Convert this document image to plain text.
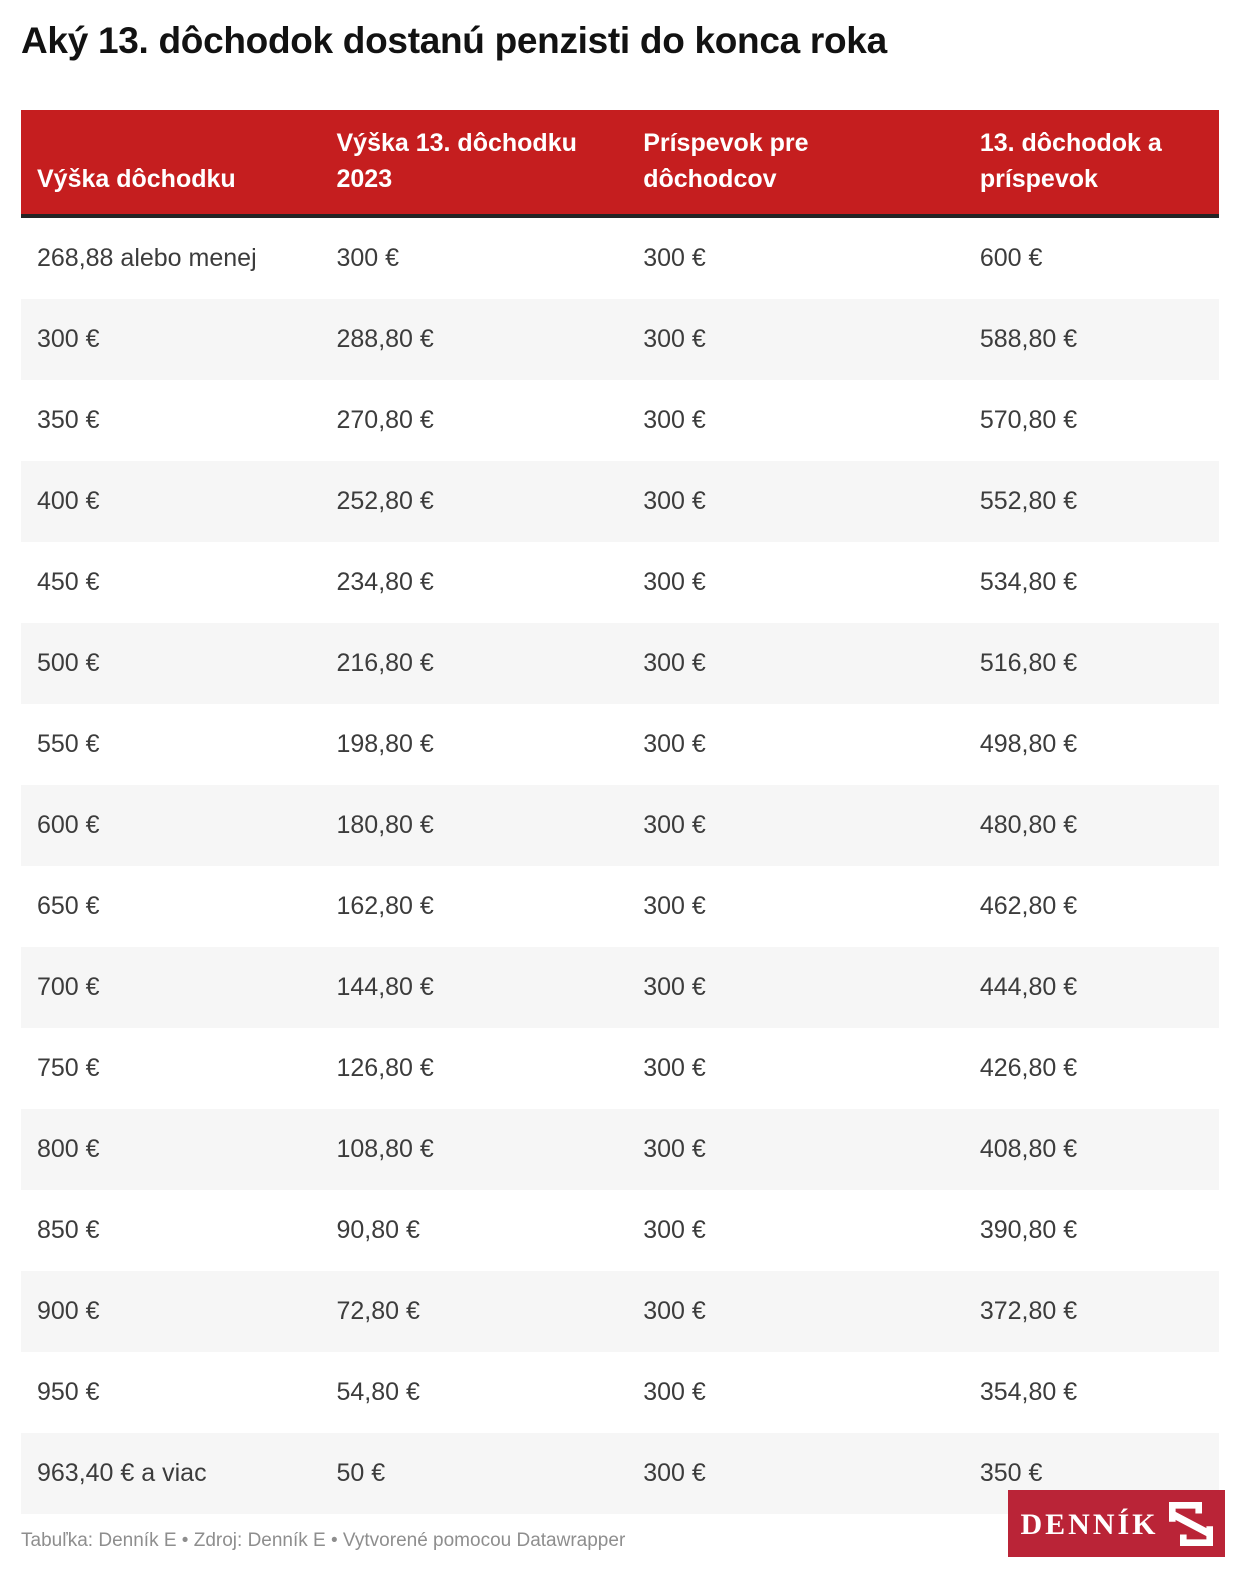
Aký 13. dôchodok dostanú penzisti do konca roka
Výška dôchodku	Výška 13. dôchodku 2023	Príspevok pre dôchodcov	13. dôchodok a príspevok
268,88 alebo menej	300 €	300 €	600 €
300 €	288,80 €	300 €	588,80 €
350 €	270,80 €	300 €	570,80 €
400 €	252,80 €	300 €	552,80 €
450 €	234,80 €	300 €	534,80 €
500 €	216,80 €	300 €	516,80 €
550 €	198,80 €	300 €	498,80 €
600 €	180,80 €	300 €	480,80 €
650 €	162,80 €	300 €	462,80 €
700 €	144,80 €	300 €	444,80 €
750 €	126,80 €	300 €	426,80 €
800 €	108,80 €	300 €	408,80 €
850 €	90,80 €	300 €	390,80 €
900 €	72,80 €	300 €	372,80 €
950 €	54,80 €	300 €	354,80 €
963,40 € a viac	50 €	300 €	350 €
Tabuľka: Denník E • Zdroj: Denník E • Vytvorené pomocou Datawrapper	DENNÍK
